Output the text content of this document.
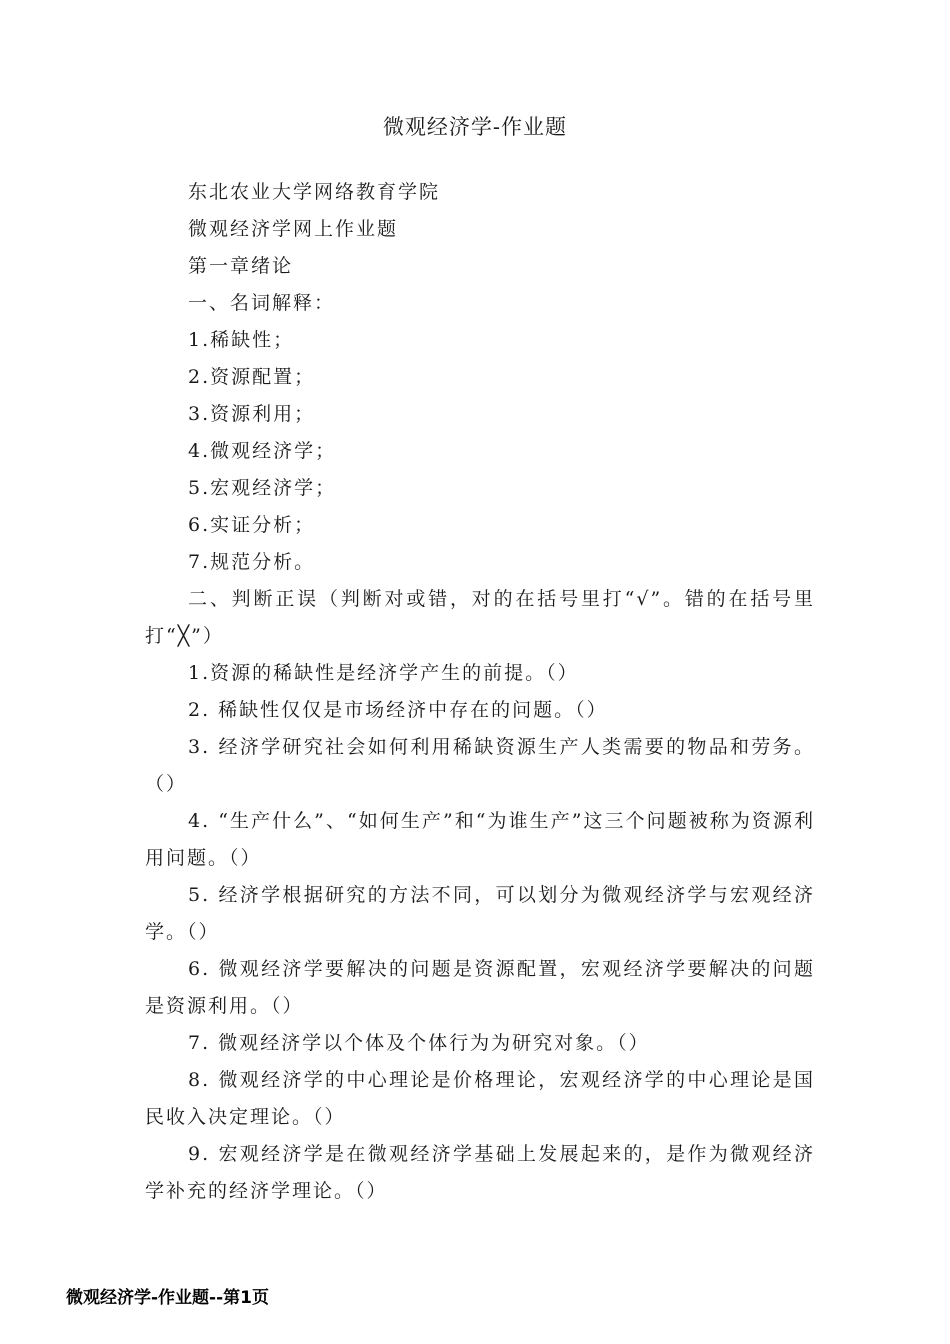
微观经济学-作业题

东北农业大学网络教育学院

微观经济学网上作业题

第一章绪论

一、名词解释：

1.稀缺性；

2.资源配置；

3.资源利用；

4.微观经济学；

5.宏观经济学；

6.实证分析；

7.规范分析。

二、判断正误（判断对或错，对的在括号里打“√”。错的在括号里打“╳”）

1.资源的稀缺性是经济学产生的前提。（）

2. 稀缺性仅仅是市场经济中存在的问题。（）

3. 经济学研究社会如何利用稀缺资源生产人类需要的物品和劳务。（）

4. “生产什么”、“如何生产”和“为谁生产”这三个问题被称为资源利用问题。（）

5. 经济学根据研究的方法不同，可以划分为微观经济学与宏观经济学。（）

6. 微观经济学要解决的问题是资源配置，宏观经济学要解决的问题是资源利用。（）

7. 微观经济学以个体及个体行为为研究对象。（）

8. 微观经济学的中心理论是价格理论，宏观经济学的中心理论是国民收入决定理论。（）

9. 宏观经济学是在微观经济学基础上发展起来的，是作为微观经济学补充的经济学理论。（）

微观经济学-作业题--第1页
